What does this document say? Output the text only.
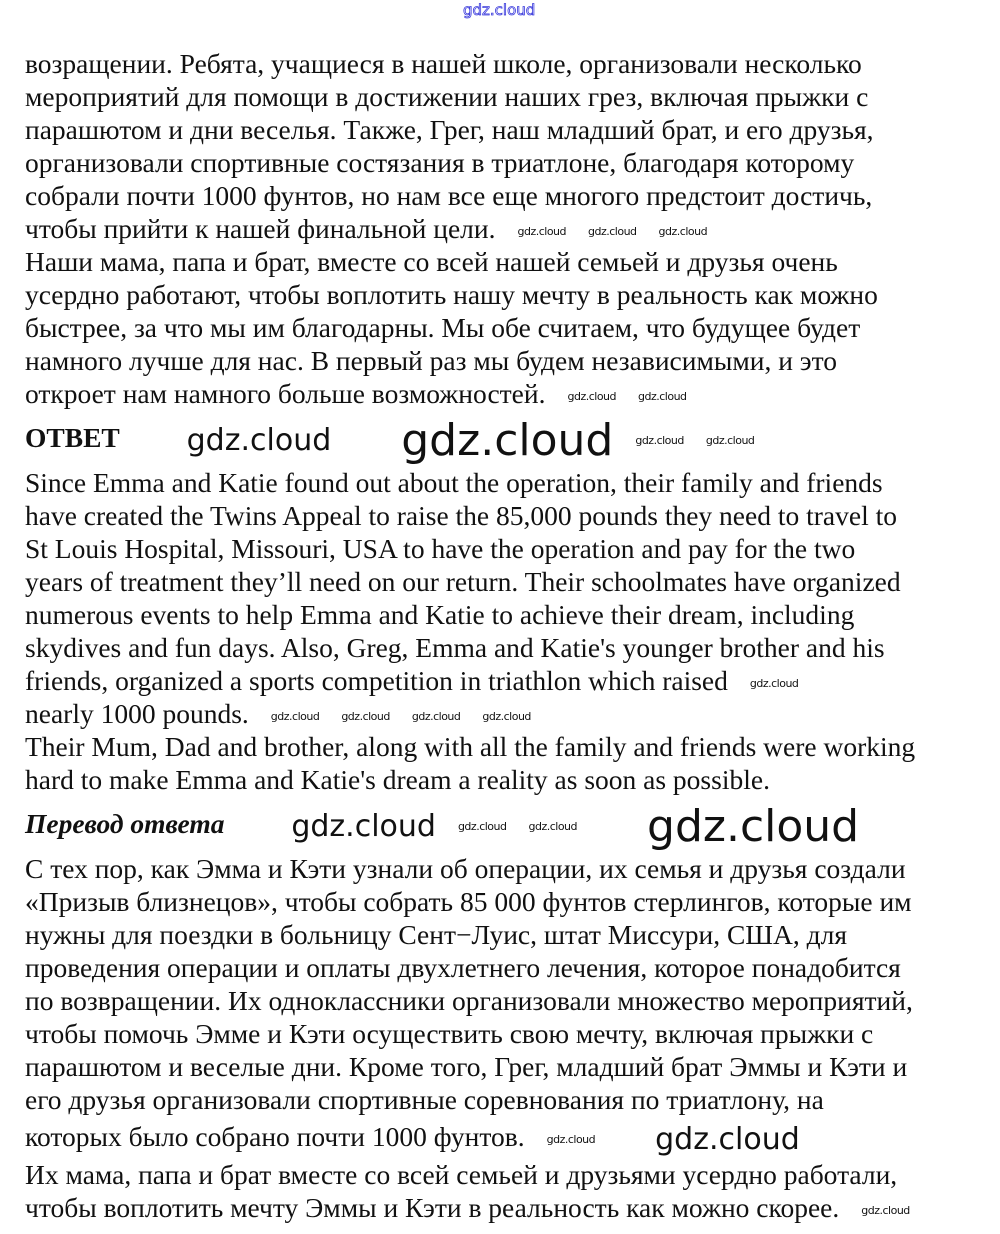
gdz.cloud
возращении. Ребята, учащиеся в нашей школе, организовали несколько
мероприятий для помощи в достижении наших грез, включая прыжки с
парашютом и дни веселья. Также, Грег, наш младший брат, и его друзья,
организовали спортивные состязания в триатлоне, благодаря которому
собрали почти 1000 фунтов, но нам все еще многого предстоит достичь,
чтобы прийти к нашей финальной цели. gdz.cloud gdz.cloud gdz.cloud
Наши мама, папа и брат, вместе со всей нашей семьей и друзья очень
усердно работают, чтобы воплотить нашу мечту в реальность как можно
быстрее, за что мы им благодарны. Мы обе считаем, что будущее будет
намного лучше для нас. В первый раз мы будем независимыми, и это
откроет нам намного больше возможностей. gdz.cloud gdz.cloud
ОТВЕТ gdz.cloud gdz.cloud gdz.cloud gdz.cloud
Since Emma and Katie found out about the operation, their family and friends
have created the Twins Appeal to raise the 85,000 pounds they need to travel to
St Louis Hospital, Missouri, USA to have the operation and pay for the two
years of treatment they’ll need on our return. Their schoolmates have organized
numerous events to help Emma and Katie to achieve their dream, including
skydives and fun days. Also, Greg, Emma and Katie's younger brother and his
friends, organized a sports competition in triathlon which raised gdz.cloud
nearly 1000 pounds. gdz.cloud gdz.cloud gdz.cloud gdz.cloud
Their Mum, Dad and brother, along with all the family and friends were working
hard to make Emma and Katie's dream a reality as soon as possible.
Перевод ответа gdz.cloud gdz.cloud gdz.cloud gdz.cloud
С тех пор, как Эмма и Кэти узнали об операции, их семья и друзья создали
«Призыв близнецов», чтобы собрать 85 000 фунтов стерлингов, которые им
нужны для поездки в больницу Сент−Луис, штат Миссури, США, для
проведения операции и оплаты двухлетнего лечения, которое понадобится
по возвращении. Их одноклассники организовали множество мероприятий,
чтобы помочь Эмме и Кэти осуществить свою мечту, включая прыжки с
парашютом и веселые дни. Кроме того, Грег, младший брат Эммы и Кэти и
его друзья организовали спортивные соревнования по триатлону, на
которых было собрано почти 1000 фунтов. gdz.cloud gdz.cloud
Их мама, папа и брат вместе со всей семьей и друзьями усердно работали,
чтобы воплотить мечту Эммы и Кэти в реальность как можно скорее. gdz.cloud
